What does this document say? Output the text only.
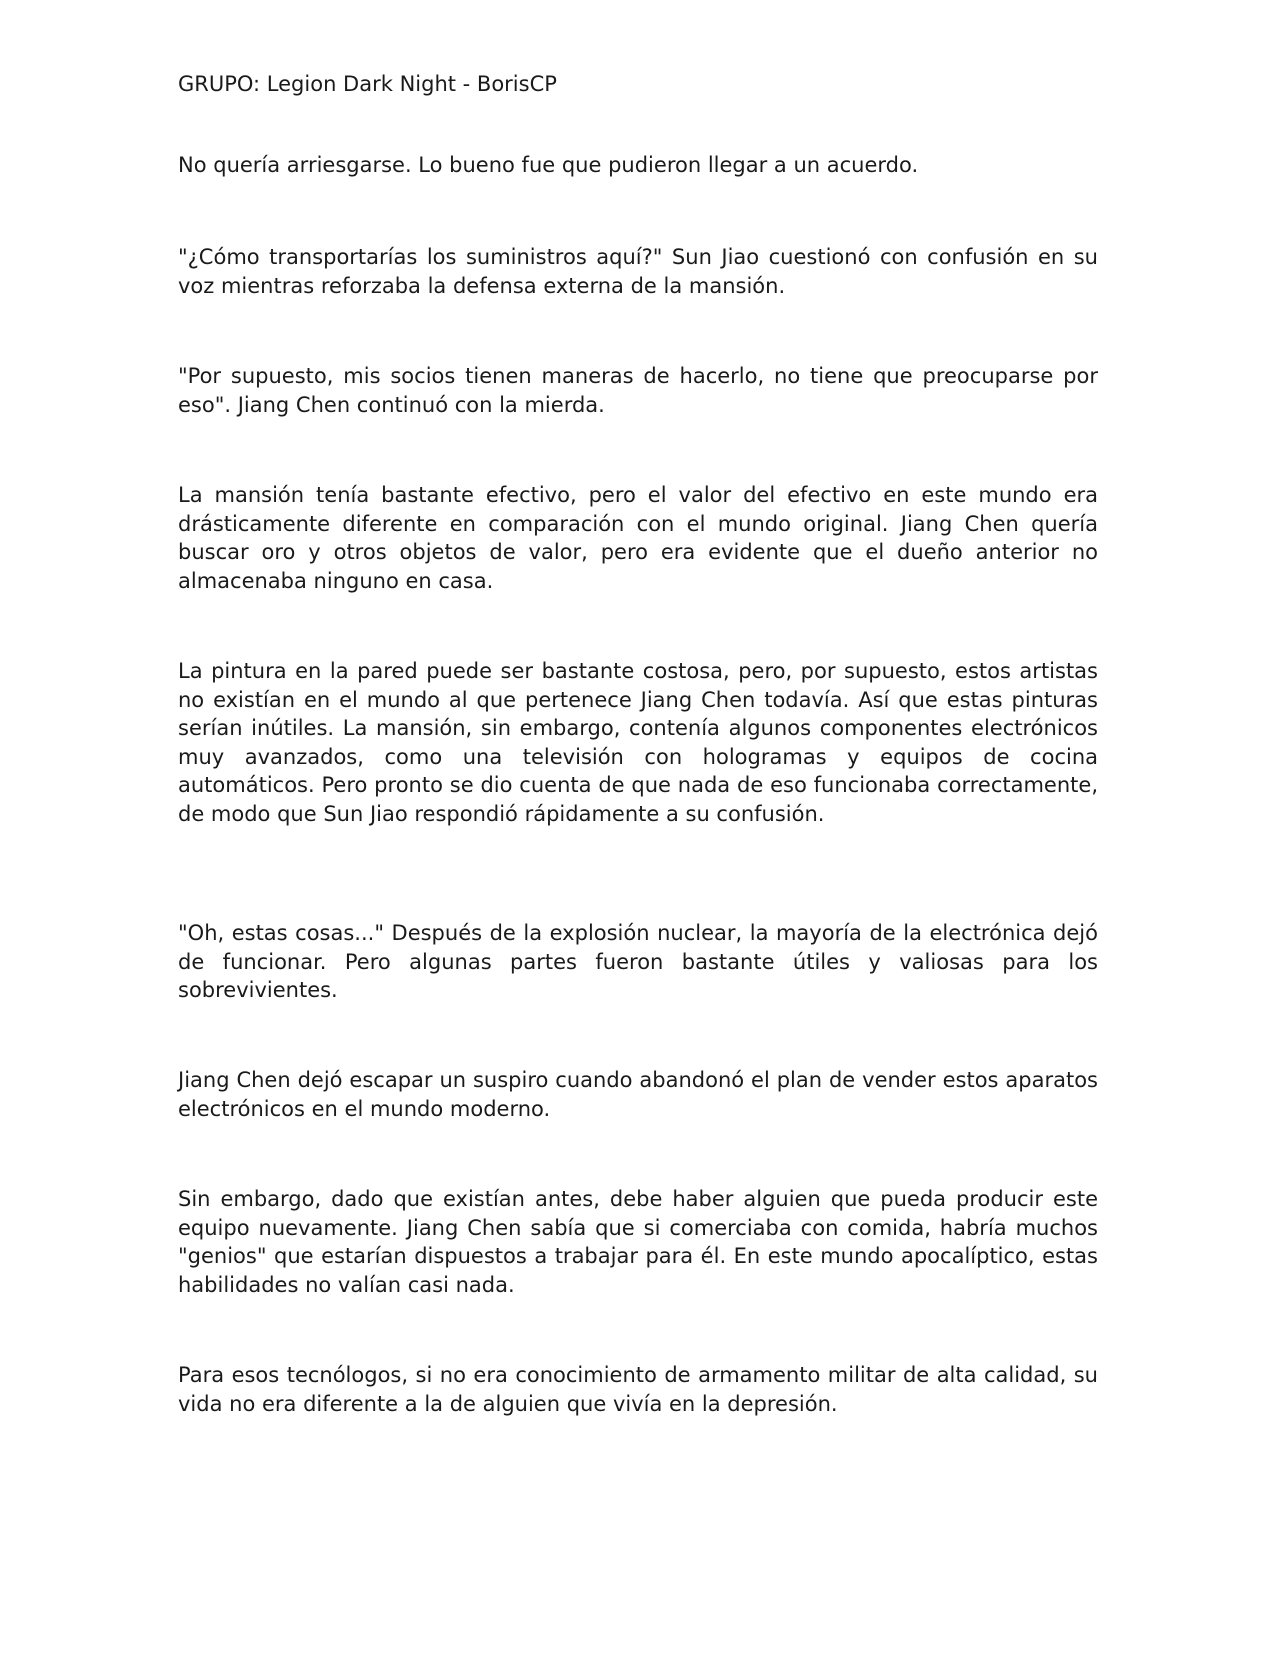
GRUPO: Legion Dark Night - BorisCP

No quería arriesgarse. Lo bueno fue que pudieron llegar a un acuerdo.

"¿Cómo transportarías los suministros aquí?" Sun Jiao cuestionó con confusión en su voz mientras reforzaba la defensa externa de la mansión.

"Por supuesto, mis socios tienen maneras de hacerlo, no tiene que preocuparse por eso". Jiang Chen continuó con la mierda.

La mansión tenía bastante efectivo, pero el valor del efectivo en este mundo era drásticamente diferente en comparación con el mundo original. Jiang Chen quería buscar oro y otros objetos de valor, pero era evidente que el dueño anterior no almacenaba ninguno en casa.

La pintura en la pared puede ser bastante costosa, pero, por supuesto, estos artistas no existían en el mundo al que pertenece Jiang Chen todavía. Así que estas pinturas serían inútiles. La mansión, sin embargo, contenía algunos componentes electrónicos muy avanzados, como una televisión con hologramas y equipos de cocina automáticos. Pero pronto se dio cuenta de que nada de eso funcionaba correctamente, de modo que Sun Jiao respondió rápidamente a su confusión.

"Oh, estas cosas..." Después de la explosión nuclear, la mayoría de la electrónica dejó de funcionar. Pero algunas partes fueron bastante útiles y valiosas para los sobrevivientes.

Jiang Chen dejó escapar un suspiro cuando abandonó el plan de vender estos aparatos electrónicos en el mundo moderno.

Sin embargo, dado que existían antes, debe haber alguien que pueda producir este equipo nuevamente. Jiang Chen sabía que si comerciaba con comida, habría muchos "genios" que estarían dispuestos a trabajar para él. En este mundo apocalíptico, estas habilidades no valían casi nada.

Para esos tecnólogos, si no era conocimiento de armamento militar de alta calidad, su vida no era diferente a la de alguien que vivía en la depresión.
